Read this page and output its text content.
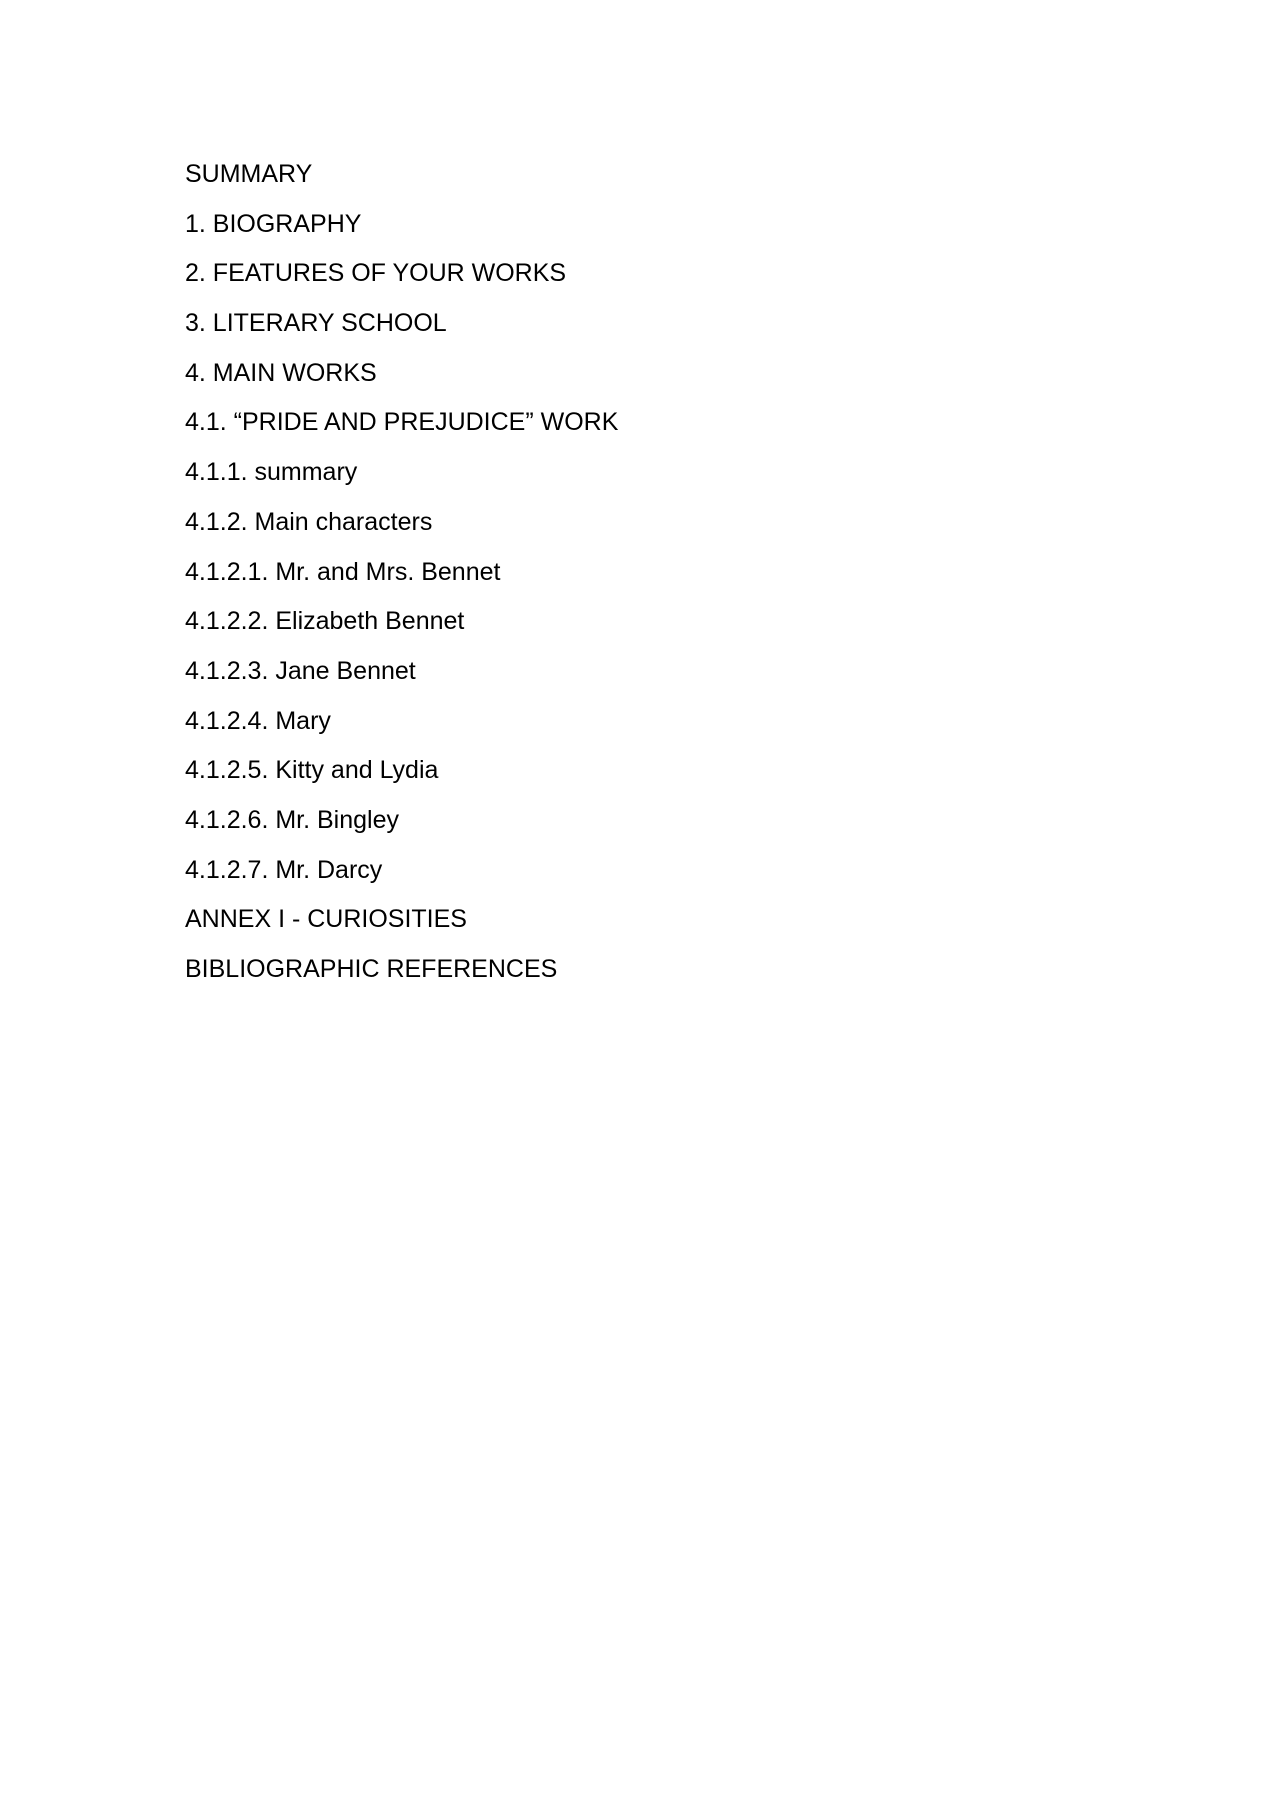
SUMMARY
1. BIOGRAPHY
2. FEATURES OF YOUR WORKS
3. LITERARY SCHOOL
4. MAIN WORKS
4.1. “PRIDE AND PREJUDICE” WORK
4.1.1. summary
4.1.2. Main characters
4.1.2.1. Mr. and Mrs. Bennet
4.1.2.2. Elizabeth Bennet
4.1.2.3. Jane Bennet
4.1.2.4. Mary
4.1.2.5. Kitty and Lydia
4.1.2.6. Mr. Bingley
4.1.2.7. Mr. Darcy
ANNEX I - CURIOSITIES
BIBLIOGRAPHIC REFERENCES
